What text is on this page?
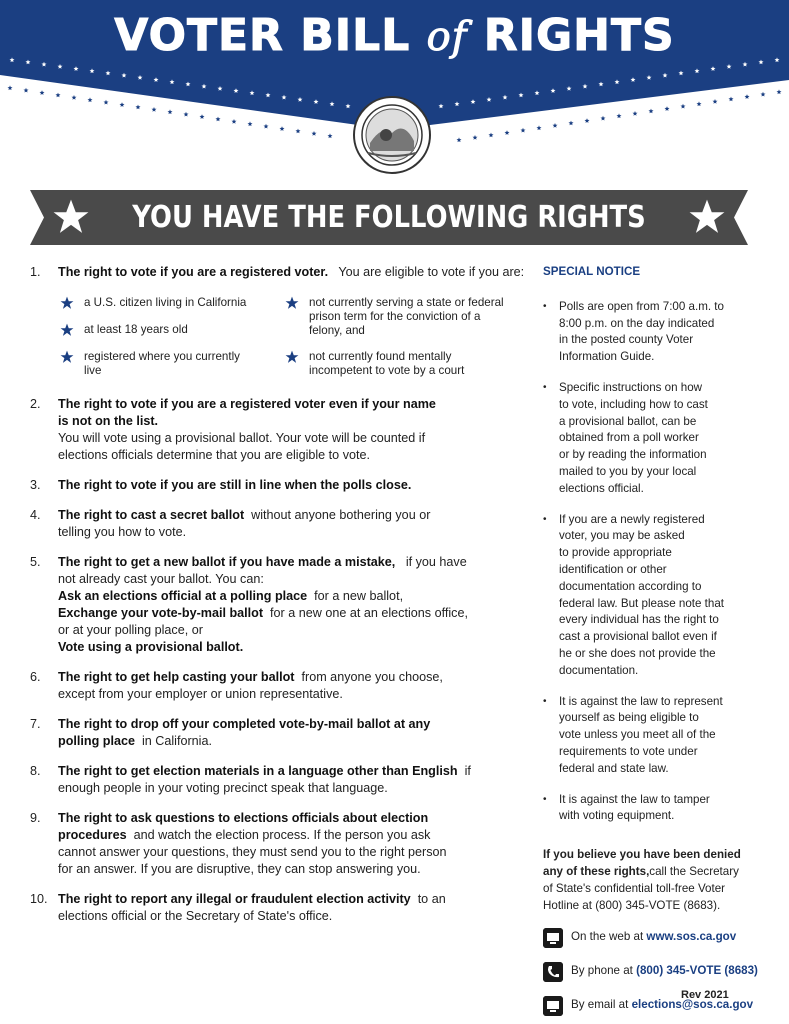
VOTER BILL of RIGHTS
YOU HAVE THE FOLLOWING RIGHTS
1.	The right to vote if you are a registered voter. You are eligible to vote if you are:
a U.S. citizen living in California	not currently serving a state or federal
prison term for the conviction of a
felony, and
at least 18 years old
registered where you currently
live
not currently found mentally
incompetent to vote by a court
2.	The right to vote if you are a registered voter even if your name
is not on the list.
You will vote using a provisional ballot. Your vote will be counted if
elections officials determine that you are eligible to vote.
3.	The right to vote if you are still in line when the polls close.
4.	The right to cast a secret ballot without anyone bothering you or
telling you how to vote.
5.	The right to get a new ballot if you have made a mistake, if you have
not already cast your ballot. You can:
Ask an elections official at a polling place for a new ballot,
Exchange your vote-by-mail ballot for a new one at an elections office,
or at your polling place, or
Vote using a provisional ballot.
6.	The right to get help casting your ballot from anyone you choose,
except from your employer or union representative.
7.	The right to drop off your completed vote-by-mail ballot at any
polling place in California.
8.	The right to get election materials in a language other than English if
enough people in your voting precinct speak that language.
9.	The right to ask questions to elections officials about election
procedures and watch the election process. If the person you ask
cannot answer your questions, they must send you to the right person
for an answer. If you are disruptive, they can stop answering you.
10. The right to report any illegal or fraudulent election activity to an
elections official or the Secretary of State's office.
SPECIAL NOTICE
• Polls are open from 7:00 a.m. to
8:00 p.m. on the day indicated
in the posted county Voter
Information Guide.
• Specific instructions on how
to vote, including how to cast
a provisional ballot, can be
obtained from a poll worker
or by reading the information
mailed to you by your local
elections official.
• If you are a newly registered
voter, you may be asked
to provide appropriate
identification or other
documentation according to
federal law. But please note that
every individual has the right to
cast a provisional ballot even if
he or she does not provide the
documentation.
• It is against the law to represent
yourself as being eligible to
vote unless you meet all of the
requirements to vote under
federal and state law.
• It is against the law to tamper
with voting equipment.
If you believe you have been denied
any of these rights,call the Secretary
of State's confidential toll-free Voter
Hotline at (800) 345-VOTE (8683).
On the web at www.sos.ca.gov
By phone at (800) 345-VOTE (8683)
By email at elections@sos.ca.gov
Rev 2021
